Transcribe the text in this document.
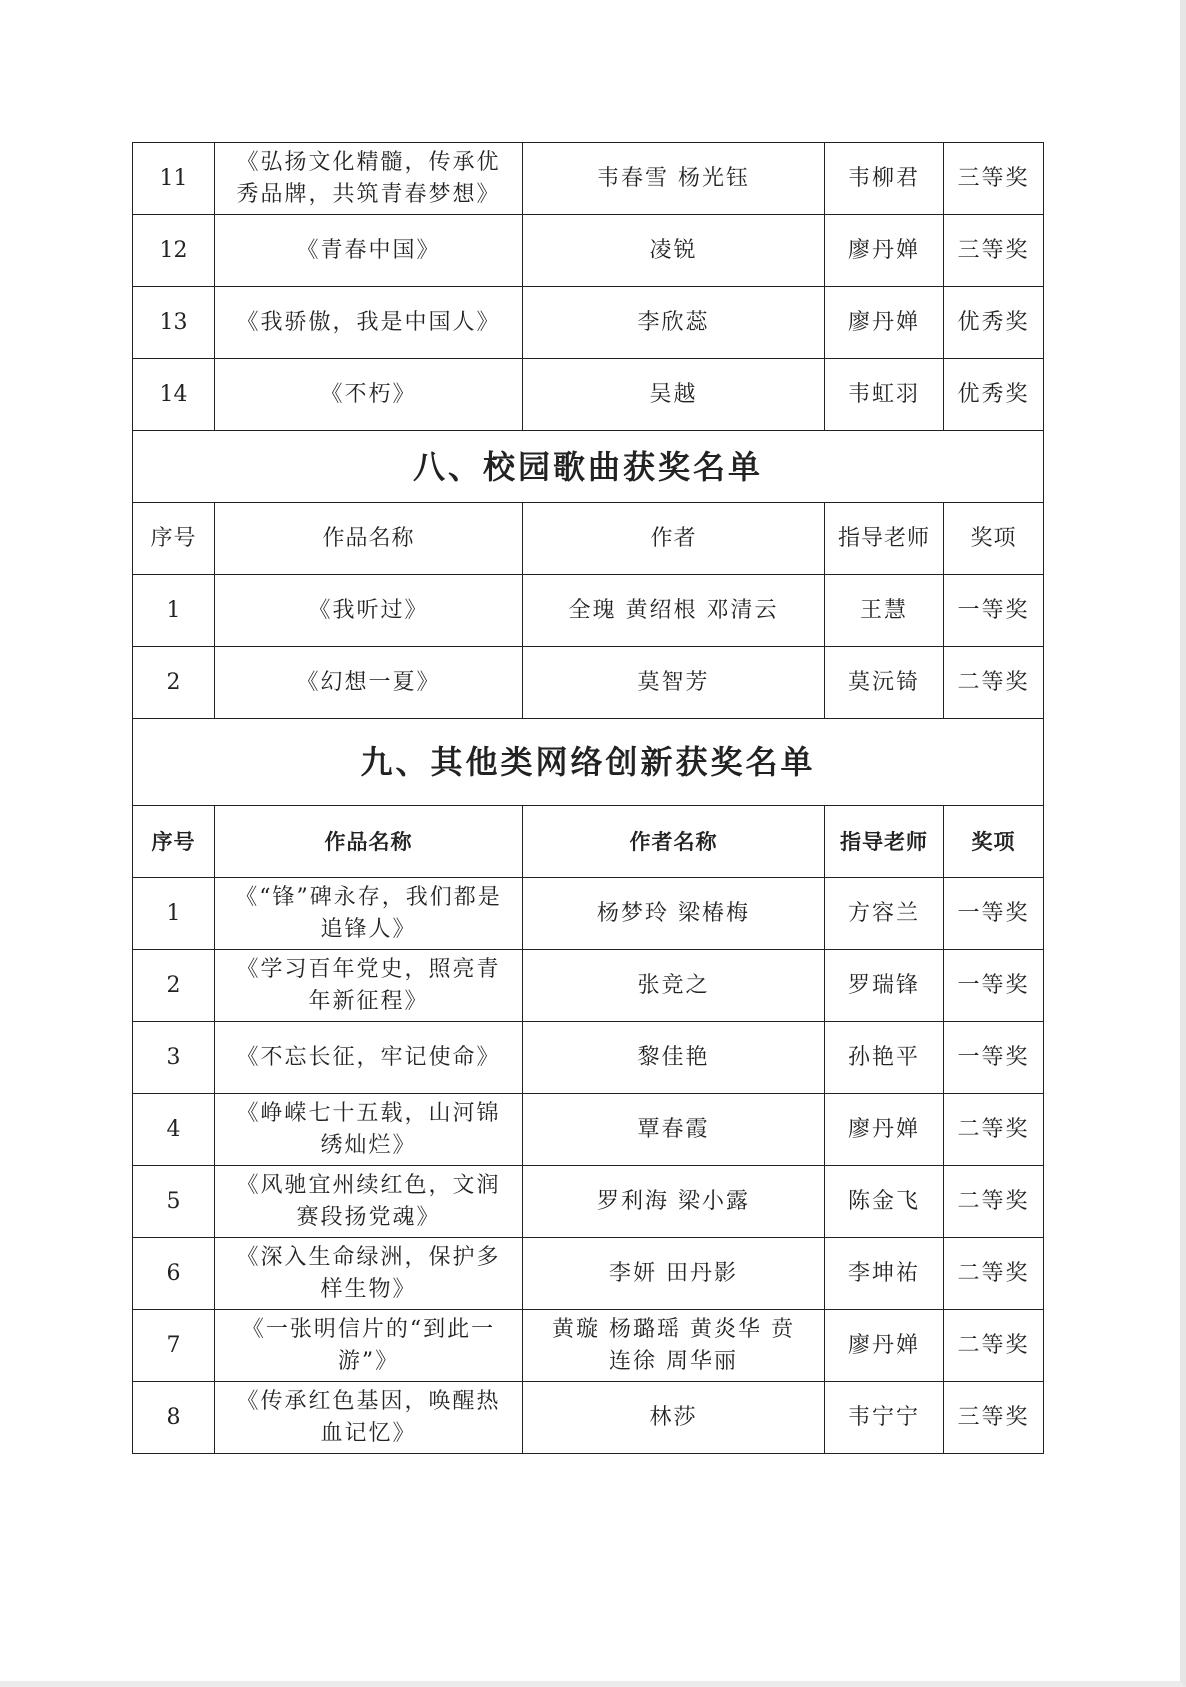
11	《弘扬文化精髓，传承优秀品牌，共筑青春梦想》	韦春雪 杨光钰	韦柳君	三等奖
12	《青春中国》	凌锐	廖丹婵	三等奖
13	《我骄傲，我是中国人》	李欣蕊	廖丹婵	优秀奖
14	《不朽》	吴越	韦虹羽	优秀奖
八、校园歌曲获奖名单				
序号	作品名称	作者	指导老师	奖项
1	《我听过》	全瑰 黄绍根 邓清云	王慧	一等奖
2	《幻想一夏》	莫智芳	莫沅锜	二等奖
九、其他类网络创新获奖名单				
序号	作品名称	作者名称	指导老师	奖项
1	《“锋”碑永存，我们都是追锋人》	杨梦玲 梁椿梅	方容兰	一等奖
2	《学习百年党史，照亮青年新征程》	张竞之	罗瑞锋	一等奖
3	《不忘长征，牢记使命》	黎佳艳	孙艳平	一等奖
4	《峥嵘七十五载，山河锦绣灿烂》	覃春霞	廖丹婵	二等奖
5	《风驰宜州续红色，文润赛段扬党魂》	罗利海 梁小露	陈金飞	二等奖
6	《深入生命绿洲，保护多样生物》	李妍 田丹影	李坤祐	二等奖
7	《一张明信片的“到此一游”》	黄璇 杨璐瑶 黄炎华 贲连徐 周华丽	廖丹婵	二等奖
8	《传承红色基因，唤醒热血记忆》	林莎	韦宁宁	三等奖
